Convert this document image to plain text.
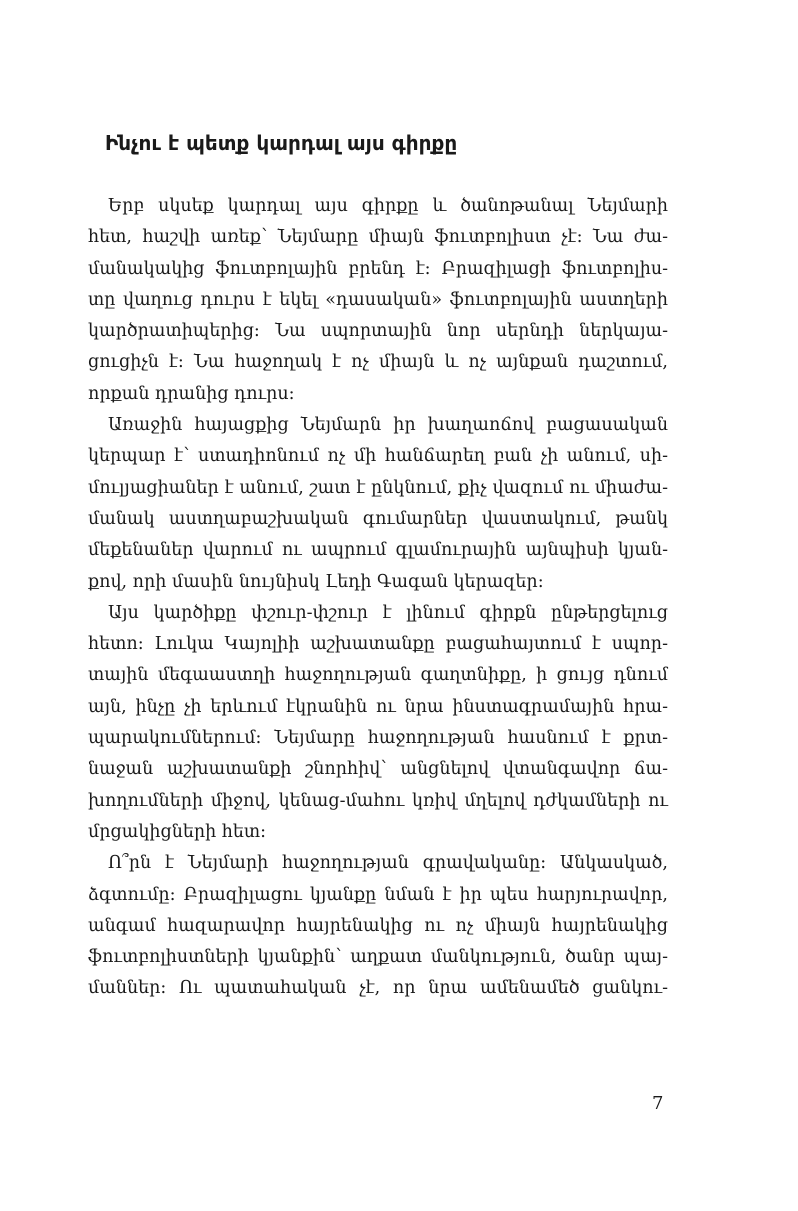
Ինչու է պետք կարդալ այս գիրքը

Երբ սկսեք կարդալ այս գիրքը և ծանոթանալ Նեյմարի
հետ, հաշվի առեք՝ Նեյմարը միայն ֆուտբոլիստ չէ: Նա ժա-
մանակակից ֆուտբոլային բրենդ է: Բրազիլացի ֆուտբոլիս-
տը վաղուց դուրս է եկել «դասական» ֆուտբոլային աստղերի
կարծրատիպերից: Նա սպորտային նոր սերնդի ներկայա-
ցուցիչն է: Նա հաջողակ է ոչ միայն և ոչ այնքան դաշտում,
որքան դրանից դուրս:

Առաջին հայացքից Նեյմարն իր խաղաոճով բացասական
կերպար է՝ ստադիոնում ոչ մի հանճարեղ բան չի անում, սի-
մուլյացիաներ է անում, շատ է ընկնում, քիչ վազում ու միաժա-
մանակ աստղաբաշխական գումարներ վաստակում, թանկ
մեքենաներ վարում ու ապրում գլամուրային այնպիսի կյան-
քով, որի մասին նույնիսկ Լեդի Գագան կերազեր:

Այս կարծիքը փշուր-փշուր է լինում գիրքն ընթերցելուց
հետո: Լուկա Կայոլիի աշխատանքը բացահայտում է սպոր-
տային մեգաաստղի հաջողության գաղտնիքը, ի ցույց դնում
այն, ինչը չի երևում էկրանին ու նրա ինստագրամային հրա-
պարակումներում: Նեյմարը հաջողության հասնում է քրտ-
նաջան աշխատանքի շնորհիվ՝ անցնելով վտանգավոր ճա-
խողումների միջով, կենաց-մահու կռիվ մղելով դժկամների ու
մրցակիցների հետ:

Ո՞րն է Նեյմարի հաջողության գրավականը: Անկասկած,
ձգտումը: Բրազիլացու կյանքը նման է իր պես հարյուրավոր,
անգամ հազարավոր հայրենակից ու ոչ միայն հայրենակից
ֆուտբոլիստների կյանքին՝ աղքատ մանկություն, ծանր պայ-
մաններ: Ու պատահական չէ, որ նրա ամենամեծ ցանկու-

7
